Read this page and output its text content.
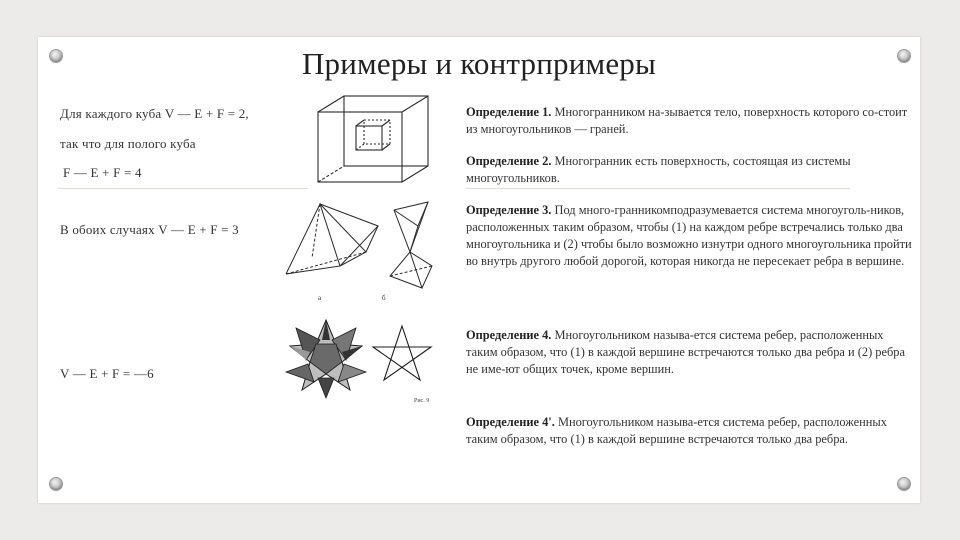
Примеры и контрпримеры
Для каждого куба V — E + F = 2,
так что для полого куба
F — E + F = 4
В обоих случаях V — E + F = 3
V — E + F = —6
a	б
Рис. 9
Определение 1. Многогранником на-зывается тело, поверхность которого со-стоит из многоугольников — граней.
Определение 2. Многогранник есть поверхность, состоящая из системы многоугольников.
Определение 3. Под много-гранникомподразумевается система многоуголь-ников, расположенных таким образом, чтобы (1) на каждом ребре встречались только два многоугольника и (2) чтобы было возможно изнутри одного многоугольника пройти во внутрь другого любой дорогой, которая никогда не пересекает ребра в вершине.
Определение 4. Многоугольником называ-ется система ребер, расположенных таким образом, что (1) в каждой вершине встречаются только два ребра и (2) ребра не име-ют общих точек, кроме вершин.
Определение 4'. Многоугольником называ-ется система ребер, расположенных таким образом, что (1) в каждой вершине встречаются только два ребра.
